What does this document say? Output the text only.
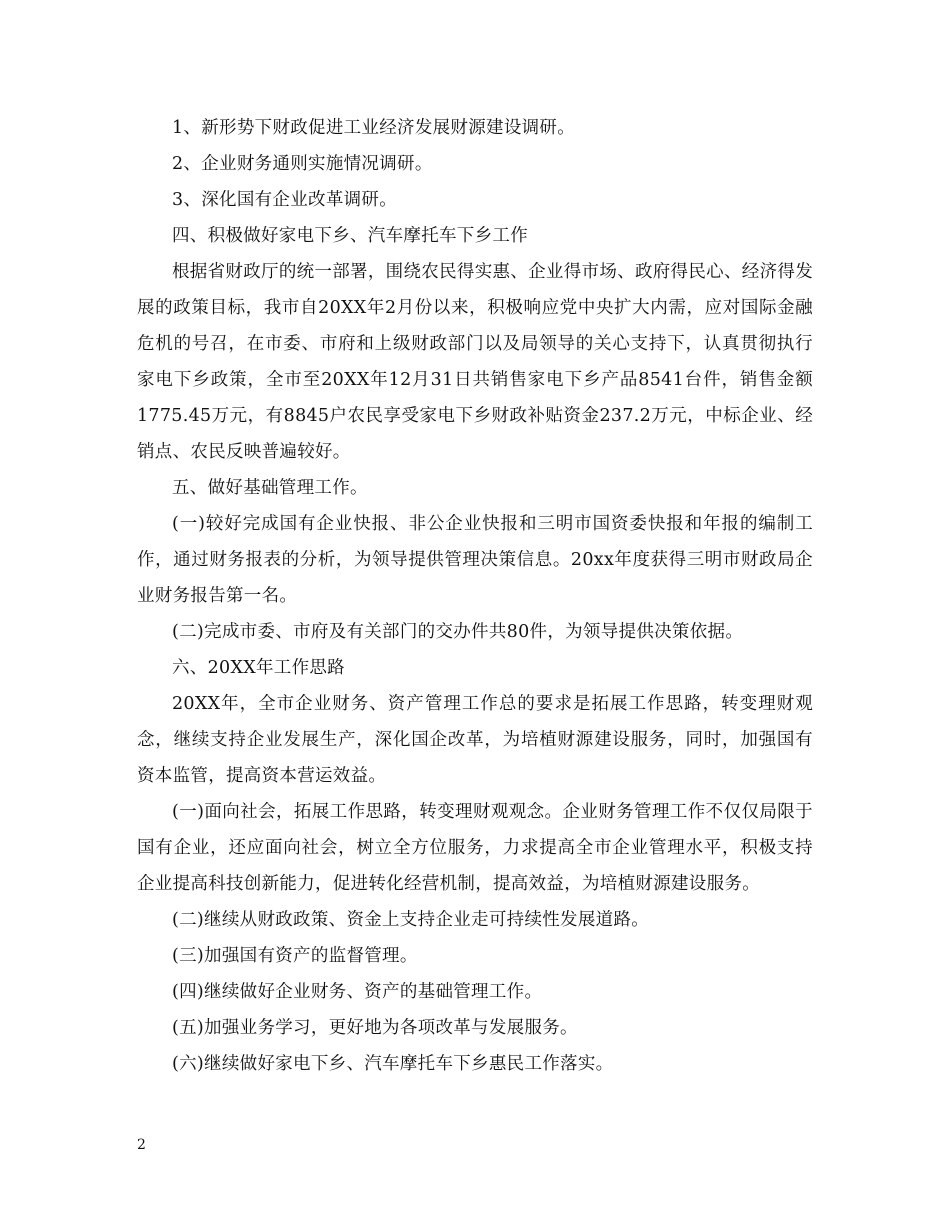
1、新形势下财政促进工业经济发展财源建设调研。

2、企业财务通则实施情况调研。

3、深化国有企业改革调研。

四、积极做好家电下乡、汽车摩托车下乡工作

根据省财政厅的统一部署，围绕农民得实惠、企业得市场、政府得民心、经济得发展的政策目标，我市自20XX年2月份以来，积极响应党中央扩大内需，应对国际金融危机的号召，在市委、市府和上级财政部门以及局领导的关心支持下，认真贯彻执行家电下乡政策，全市至20XX年12月31日共销售家电下乡产品8541台件，销售金额1775.45万元，有8845户农民享受家电下乡财政补贴资金237.2万元，中标企业、经销点、农民反映普遍较好。

五、做好基础管理工作。

(一)较好完成国有企业快报、非公企业快报和三明市国资委快报和年报的编制工作，通过财务报表的分析，为领导提供管理决策信息。20xx年度获得三明市财政局企业财务报告第一名。

(二)完成市委、市府及有关部门的交办件共80件，为领导提供决策依据。

六、20XX年工作思路

20XX年，全市企业财务、资产管理工作总的要求是拓展工作思路，转变理财观念，继续支持企业发展生产，深化国企改革，为培植财源建设服务，同时，加强国有资本监管，提高资本营运效益。

(一)面向社会，拓展工作思路，转变理财观观念。企业财务管理工作不仅仅局限于国有企业，还应面向社会，树立全方位服务，力求提高全市企业管理水平，积极支持企业提高科技创新能力，促进转化经营机制，提高效益，为培植财源建设服务。

(二)继续从财政政策、资金上支持企业走可持续性发展道路。

(三)加强国有资产的监督管理。

(四)继续做好企业财务、资产的基础管理工作。

(五)加强业务学习，更好地为各项改革与发展服务。

(六)继续做好家电下乡、汽车摩托车下乡惠民工作落实。

2
